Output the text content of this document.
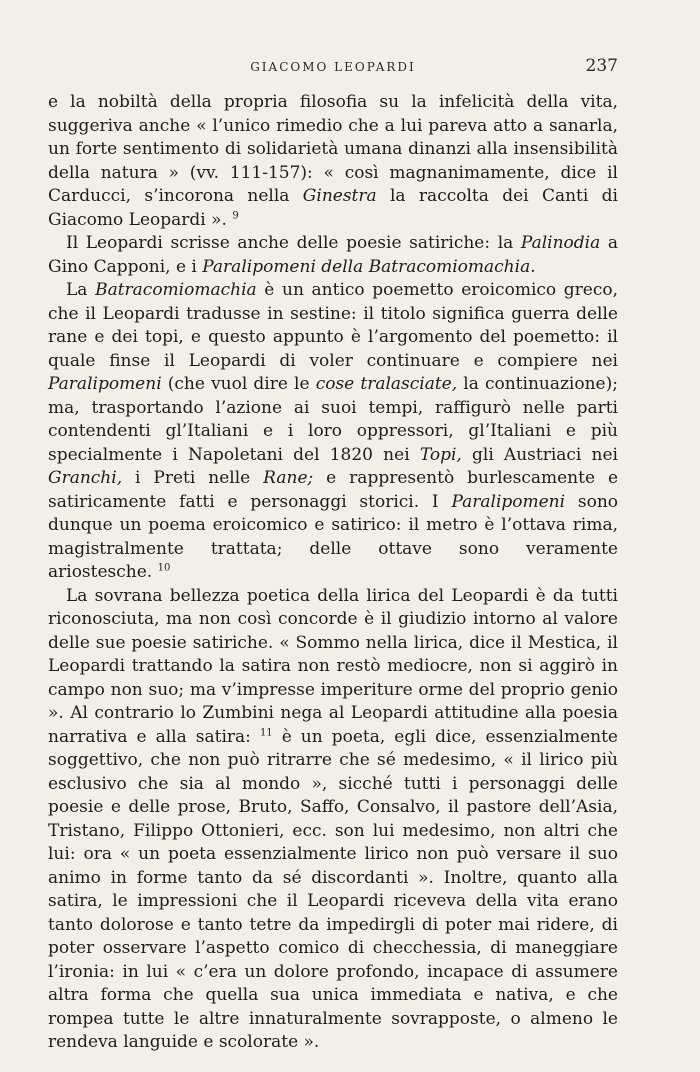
GIACOMO LEOPARDI	237

e la nobiltà della propria filosofia su la infelicità della vita, suggeriva anche « l’unico rimedio che a lui pareva atto a sanarla, un forte sentimento di solidarietà umana dinanzi alla insensibilità della natura » (vv. 111-157): « così magnanimamente, dice il Carducci, s’incorona nella Ginestra la raccolta dei Canti di Giacomo Leopardi ». $^9$

Il Leopardi scrisse anche delle poesie satiriche: la Palinodia a Gino Capponi, e i Paralipomeni della Batracomiomachia.

La Batracomiomachia è un antico poemetto eroicomico greco, che il Leopardi tradusse in sestine: il titolo significa guerra delle rane e dei topi, e questo appunto è l’argomento del poemetto: il quale finse il Leopardi di voler continuare e compiere nei Paralipomeni (che vuol dire le cose tralasciate, la continuazione); ma, trasportando l’azione ai suoi tempi, raffigurò nelle parti contendenti gl’Italiani e i loro oppressori, gl’Italiani e più specialmente i Napoletani del 1820 nei Topi, gli Austriaci nei Granchi, i Preti nelle Rane; e rappresentò burlescamente e satiricamente fatti e personaggi storici. I Paralipomeni sono dunque un poema eroicomico e satirico: il metro è l’ottava rima, magistralmente trattata; delle ottave sono veramente ariostesche. $^{10}$

La sovrana bellezza poetica della lirica del Leopardi è da tutti riconosciuta, ma non così concorde è il giudizio intorno al valore delle sue poesie satiriche. « Sommo nella lirica, dice il Mestica, il Leopardi trattando la satira non restò mediocre, non si aggirò in campo non suo; ma v’impresse imperiture orme del proprio genio ». Al contrario lo Zumbini nega al Leopardi attitudine alla poesia narrativa e alla satira: $^{11}$ è un poeta, egli dice, essenzialmente soggettivo, che non può ritrarre che sé medesimo, « il lirico più esclusivo che sia al mondo », sicché tutti i personaggi delle poesie e delle prose, Bruto, Saffo, Consalvo, il pastore dell’Asia, Tristano, Filippo Ottonieri, ecc. son lui medesimo, non altri che lui: ora « un poeta essenzialmente lirico non può versare il suo animo in forme tanto da sé discordanti ». Inoltre, quanto alla satira, le impressioni che il Leopardi riceveva della vita erano tanto dolorose e tanto tetre da impedirgli di poter mai ridere, di poter osservare l’aspetto comico di checchessia, di maneggiare l’ironia: in lui « c’era un dolore profondo, incapace di assumere altra forma che quella sua unica immediata e nativa, e che rompea tutte le altre innaturalmente sovrapposte, o almeno le rendeva languide e scolorate ».
